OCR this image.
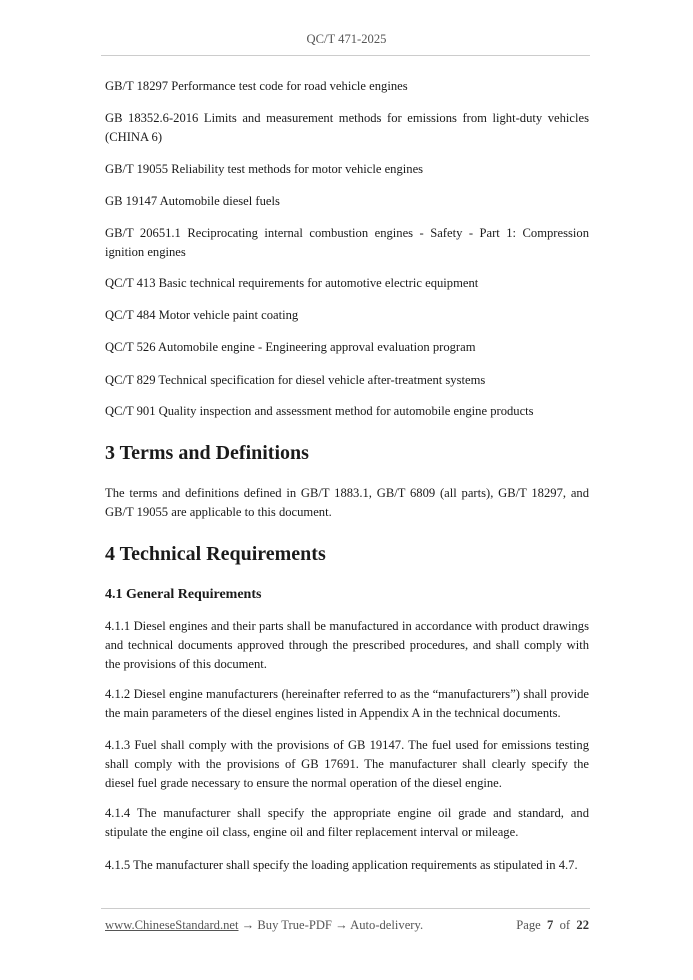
QC/T 471-2025

GB/T 18297 Performance test code for road vehicle engines

GB 18352.6-2016 Limits and measurement methods for emissions from light-duty vehicles (CHINA 6)

GB/T 19055 Reliability test methods for motor vehicle engines

GB 19147 Automobile diesel fuels

GB/T 20651.1 Reciprocating internal combustion engines - Safety - Part 1: Compression ignition engines

QC/T 413 Basic technical requirements for automotive electric equipment

QC/T 484 Motor vehicle paint coating

QC/T 526 Automobile engine - Engineering approval evaluation program

QC/T 829 Technical specification for diesel vehicle after-treatment systems

QC/T 901 Quality inspection and assessment method for automobile engine products

3 Terms and Definitions

The terms and definitions defined in GB/T 1883.1, GB/T 6809 (all parts), GB/T 18297, and GB/T 19055 are applicable to this document.

4 Technical Requirements
4.1 General Requirements

4.1.1 Diesel engines and their parts shall be manufactured in accordance with product drawings and technical documents approved through the prescribed procedures, and shall comply with the provisions of this document.

4.1.2 Diesel engine manufacturers (hereinafter referred to as the “manufacturers”) shall provide the main parameters of the diesel engines listed in Appendix A in the technical documents.

4.1.3 Fuel shall comply with the provisions of GB 19147. The fuel used for emissions testing shall comply with the provisions of GB 17691. The manufacturer shall clearly specify the diesel fuel grade necessary to ensure the normal operation of the diesel engine.

4.1.4 The manufacturer shall specify the appropriate engine oil grade and standard, and stipulate the engine oil class, engine oil and filter replacement interval or mileage.

4.1.5 The manufacturer shall specify the loading application requirements as stipulated in 4.7.

www.ChineseStandard.net → Buy True-PDF → Auto-delivery.	Page 7 of 22
